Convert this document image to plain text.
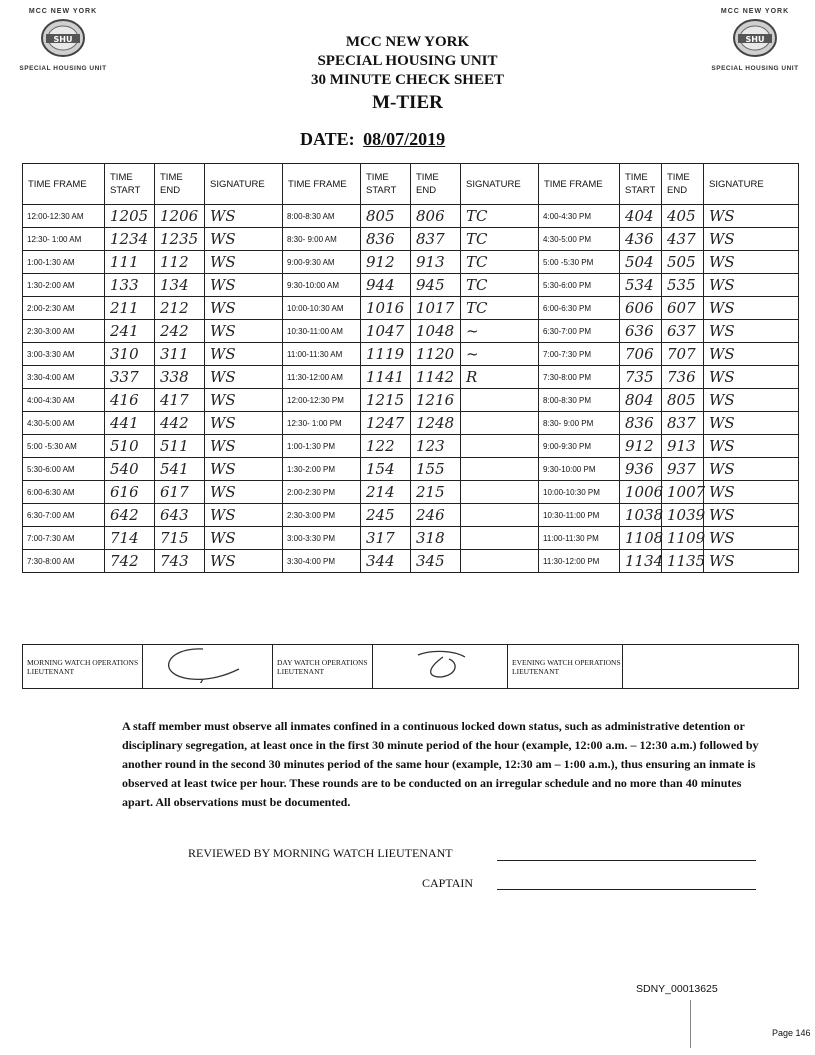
MCC NEW YORK
SHU
SPECIAL HOUSING UNIT
MCC NEW YORK
SHU
SPECIAL HOUSING UNIT
MCC NEW YORK
SPECIAL HOUSING UNIT
30 MINUTE CHECK SHEET
M-TIER
DATE: 08/07/2019
TIME FRAME	TIME START	TIME END	SIGNATURE	TIME FRAME	TIME START	TIME END	SIGNATURE	TIME FRAME	TIME START	TIME END	SIGNATURE
12:00-12:30 AM	1205	1206	WS	8:00-8:30 AM	805	806	TC	4:00-4:30 PM	404	405	WS
12:30- 1:00 AM	1234	1235	WS	8:30- 9:00 AM	836	837	TC	4:30-5:00 PM	436	437	WS
1:00-1:30 AM	111	112	WS	9:00-9:30 AM	912	913	TC	5:00 -5:30 PM	504	505	WS
1:30-2:00 AM	133	134	WS	9:30-10:00 AM	944	945	TC	5:30-6:00 PM	534	535	WS
2:00-2:30 AM	211	212	WS	10:00-10:30 AM	1016	1017	TC	6:00-6:30 PM	606	607	WS
2:30-3:00 AM	241	242	WS	10:30-11:00 AM	1047	1048	~	6:30-7:00 PM	636	637	WS
3:00-3:30 AM	310	311	WS	11:00-11:30 AM	1119	1120	~	7:00-7:30 PM	706	707	WS
3:30-4:00 AM	337	338	WS	11:30-12:00 AM	1141	1142	R	7:30-8:00 PM	735	736	WS
4:00-4:30 AM	416	417	WS	12:00-12:30 PM	1215	1216		8:00-8:30 PM	804	805	WS
4:30-5:00 AM	441	442	WS	12:30- 1:00 PM	1247	1248		8:30- 9:00 PM	836	837	WS
5:00 -5:30 AM	510	511	WS	1:00-1:30 PM	122	123		9:00-9:30 PM	912	913	WS
5:30-6:00 AM	540	541	WS	1:30-2:00 PM	154	155		9:30-10:00 PM	936	937	WS
6:00-6:30 AM	616	617	WS	2:00-2:30 PM	214	215		10:00-10:30 PM	1006	1007	WS
6:30-7:00 AM	642	643	WS	2:30-3:00 PM	245	246		10:30-11:00 PM	1038	1039	WS
7:00-7:30 AM	714	715	WS	3:00-3:30 PM	317	318		11:00-11:30 PM	1108	1109	WS
7:30-8:00 AM	742	743	WS	3:30-4:00 PM	344	345		11:30-12:00 PM	1134	1135	WS
MORNING WATCH OPERATIONS LIEUTENANT		DAY WATCH OPERATIONS LIEUTENANT		EVENING WATCH OPERATIONS LIEUTENANT	
A staff member must observe all inmates confined in a continuous locked down status, such as administrative detention or disciplinary segregation, at least once in the first 30 minute period of the hour (example, 12:00 a.m. – 12:30 a.m.) followed by another round in the second 30 minutes period of the same hour (example, 12:30 am – 1:00 a.m.), thus ensuring an inmate is observed at least twice per hour. These rounds are to be conducted on an irregular schedule and no more than 40 minutes apart. All observations must be documented.
REVIEWED BY MORNING WATCH LIEUTENANT
CAPTAIN
SDNY_00013625
Page 146
